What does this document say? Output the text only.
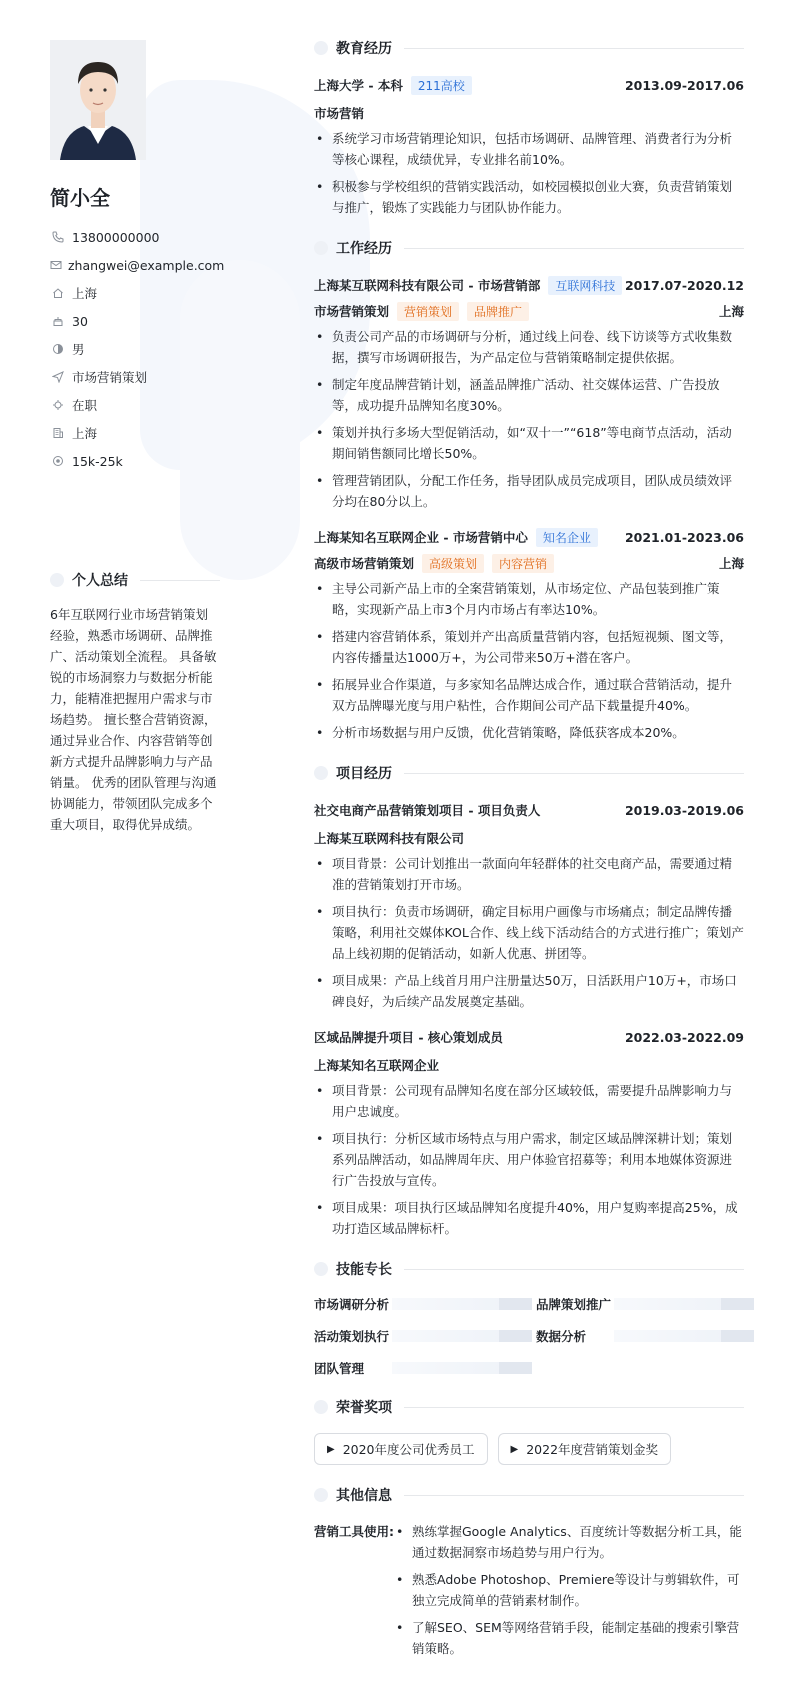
简小全
13800000000
zhangwei@example.com
上海
30
男
市场营销策划
在职
上海
15k-25k
个人总结
6年互联网行业市场营销策划经验，熟悉市场调研、品牌推广、活动策划全流程。 具备敏锐的市场洞察力与数据分析能力，能精准把握用户需求与市场趋势。 擅长整合营销资源，通过异业合作、内容营销等创新方式提升品牌影响力与产品销量。 优秀的团队管理与沟通协调能力，带领团队完成多个重大项目，取得优异成绩。
教育经历
上海大学 - 本科	211高校	2013.09-2017.06
市场营销
• 系统学习市场营销理论知识，包括市场调研、品牌管理、消费者行为分析等核心课程，成绩优异，专业排名前10%。
• 积极参与学校组织的营销实践活动，如校园模拟创业大赛，负责营销策划与推广，锻炼了实践能力与团队协作能力。
工作经历
上海某互联网科技有限公司 - 市场营销部	互联网科技 2017.07-2020.12
市场营销策划	营销策划	品牌推广	上海
• 负责公司产品的市场调研与分析，通过线上问卷、线下访谈等方式收集数据，撰写市场调研报告，为产品定位与营销策略制定提供依据。
• 制定年度品牌营销计划，涵盖品牌推广活动、社交媒体运营、广告投放等，成功提升品牌知名度30%。
• 策划并执行多场大型促销活动，如“双十一”“618”等电商节点活动，活动期间销售额同比增长50%。
• 管理营销团队，分配工作任务，指导团队成员完成项目，团队成员绩效评分均在80分以上。
上海某知名互联网企业 - 市场营销中心	知名企业	2021.01-2023.06
高级市场营销策划	高级策划	内容营销	上海
• 主导公司新产品上市的全案营销策划，从市场定位、产品包装到推广策略，实现新产品上市3个月内市场占有率达10%。
• 搭建内容营销体系，策划并产出高质量营销内容，包括短视频、图文等，内容传播量达1000万+，为公司带来50万+潜在客户。
• 拓展异业合作渠道，与多家知名品牌达成合作，通过联合营销活动，提升双方品牌曝光度与用户粘性，合作期间公司产品下载量提升40%。
• 分析市场数据与用户反馈，优化营销策略，降低获客成本20%。
项目经历
社交电商产品营销策划项目 - 项目负责人	2019.03-2019.06
上海某互联网科技有限公司
• 项目背景：公司计划推出一款面向年轻群体的社交电商产品，需要通过精准的营销策划打开市场。
• 项目执行：负责市场调研，确定目标用户画像与市场痛点；制定品牌传播策略，利用社交媒体KOL合作、线上线下活动结合的方式进行推广；策划产品上线初期的促销活动，如新人优惠、拼团等。
• 项目成果：产品上线首月用户注册量达50万，日活跃用户10万+，市场口碑良好，为后续产品发展奠定基础。
区域品牌提升项目 - 核心策划成员	2022.03-2022.09
上海某知名互联网企业
• 项目背景：公司现有品牌知名度在部分区域较低，需要提升品牌影响力与用户忠诚度。
• 项目执行：分析区域市场特点与用户需求，制定区域品牌深耕计划；策划系列品牌活动，如品牌周年庆、用户体验官招募等；利用本地媒体资源进行广告投放与宣传。
• 项目成果：项目执行区域品牌知名度提升40%，用户复购率提高25%，成功打造区域品牌标杆。
技能专长
市场调研分析	品牌策划推广
活动策划执行	数据分析
团队管理
荣誉奖项
▶ 2020年度公司优秀员工	▶ 2022年度营销策划金奖
其他信息
营销工具使用:
•	熟练掌握Google Analytics、百度统计等数据分析工具，能通过数据洞察市场趋势与用户行为。
• 熟悉Adobe Photoshop、Premiere等设计与剪辑软件，可独立完成简单的营销素材制作。
• 了解SEO、SEM等网络营销手段，能制定基础的搜索引擎营销策略。
